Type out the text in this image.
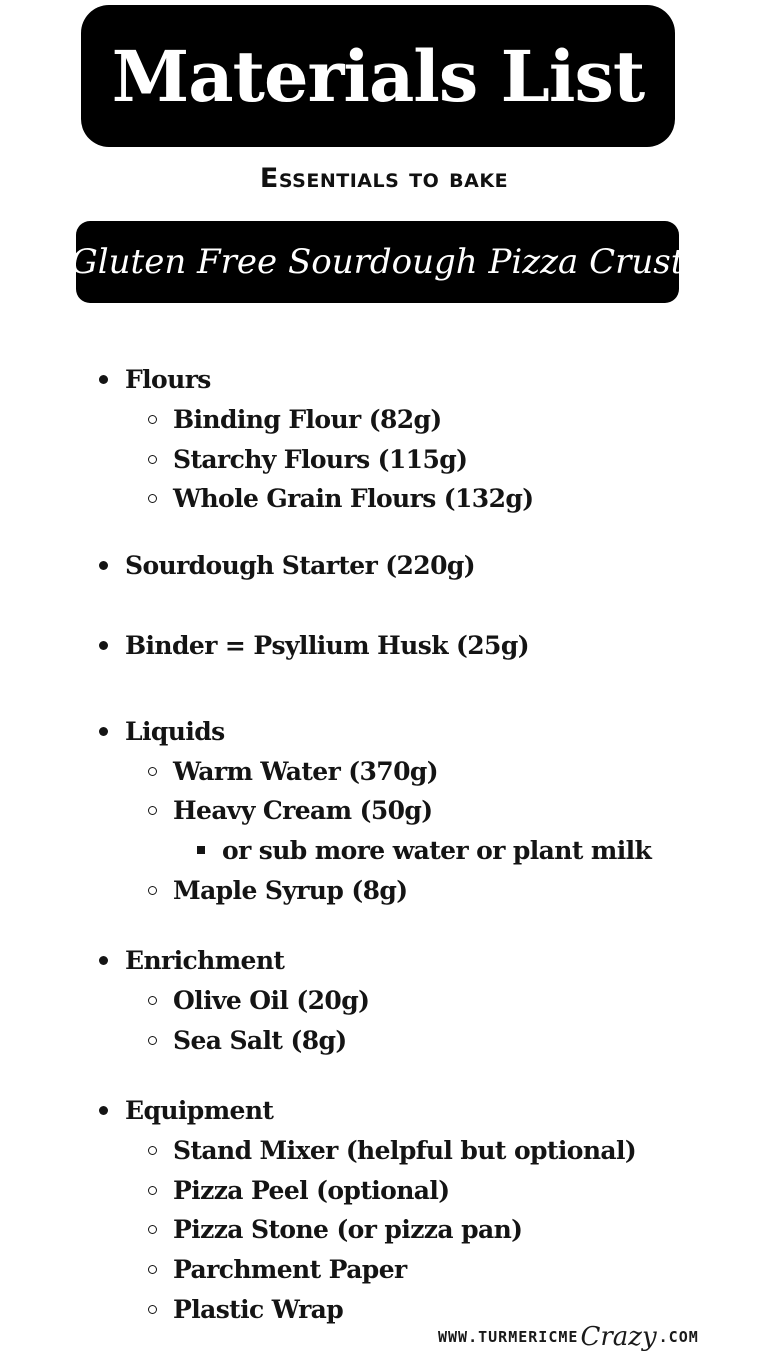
Materials List
Essentials to bake
Gluten Free Sourdough Pizza Crust
Flours
Binding Flour (82g)
Starchy Flours (115g)
Whole Grain Flours (132g)
Sourdough Starter (220g)
Binder = Psyllium Husk (25g)
Liquids
Warm Water (370g)
Heavy Cream (50g)
or sub more water or plant milk
Maple Syrup (8g)
Enrichment
Olive Oil (20g)
Sea Salt (8g)
Equipment
Stand Mixer (helpful but optional)
Pizza Peel (optional)
Pizza Stone (or pizza pan)
Parchment Paper
Plastic Wrap
WWW.TURMERICME Crazy .COM
